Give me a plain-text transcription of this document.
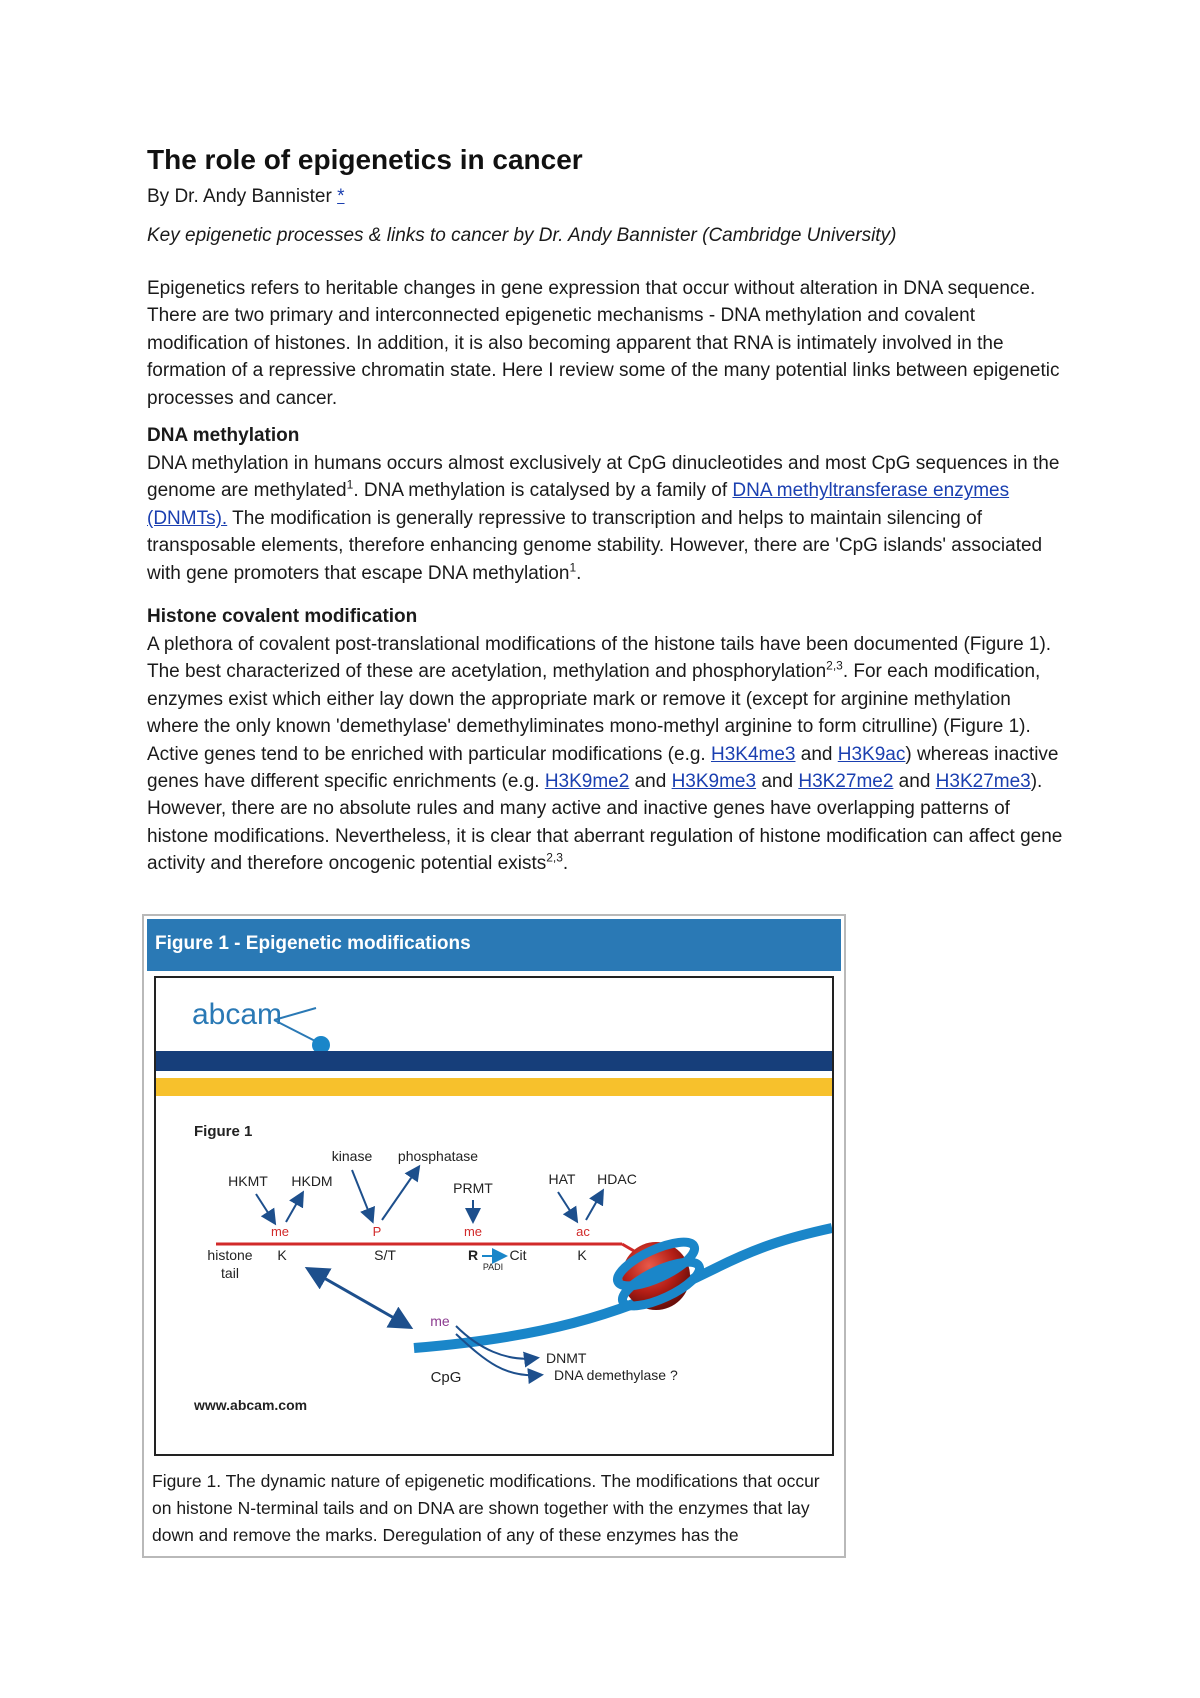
The role of epigenetics in cancer
By Dr. Andy Bannister *
Key epigenetic processes & links to cancer by Dr. Andy Bannister (Cambridge University)

Epigenetics refers to heritable changes in gene expression that occur without alteration in DNA sequence. There are two primary and interconnected epigenetic mechanisms - DNA methylation and covalent modification of histones. In addition, it is also becoming apparent that RNA is intimately involved in the formation of a repressive chromatin state. Here I review some of the many potential links between epigenetic processes and cancer.

DNA methylation

DNA methylation in humans occurs almost exclusively at CpG dinucleotides and most CpG sequences in the genome are methylated$^1$. DNA methylation is catalysed by a family of DNA methyltransferase enzymes (DNMTs). The modification is generally repressive to transcription and helps to maintain silencing of transposable elements, therefore enhancing genome stability. However, there are 'CpG islands' associated with gene promoters that escape DNA methylation$^1$.

Histone covalent modification

A plethora of covalent post-translational modifications of the histone tails have been documented (Figure 1). The best characterized of these are acetylation, methylation and phosphorylation$^{2,3}$. For each modification, enzymes exist which either lay down the appropriate mark or remove it (except for arginine methylation where the only known 'demethylase' demethyliminates mono-methyl arginine to form citrulline) (Figure 1). Active genes tend to be enriched with particular modifications (e.g. H3K4me3 and H3K9ac) whereas inactive genes have different specific enrichments (e.g. H3K9me2 and H3K9me3 and H3K27me2 and H3K27me3). However, there are no absolute rules and many active and inactive genes have overlapping patterns of histone modifications. Nevertheless, it is clear that aberrant regulation of histone modification can affect gene activity and therefore oncogenic potential exists$^{2,3}$.

Figure 1 - Epigenetic modifications
abcam
Figure 1
kinase phosphatase
HKMT HKDM	PRMT
HAT HDAC
me	P	me	ac
histone
tail
K	S/T	R Cit
PADI
K
me
DNMT
CpG	DNA demethylase ?
www.abcam.com
Figure 1. The dynamic nature of epigenetic modifications. The modifications that occur on histone N-terminal tails and on DNA are shown together with the enzymes that lay down and remove the marks. Deregulation of any of these enzymes has the
